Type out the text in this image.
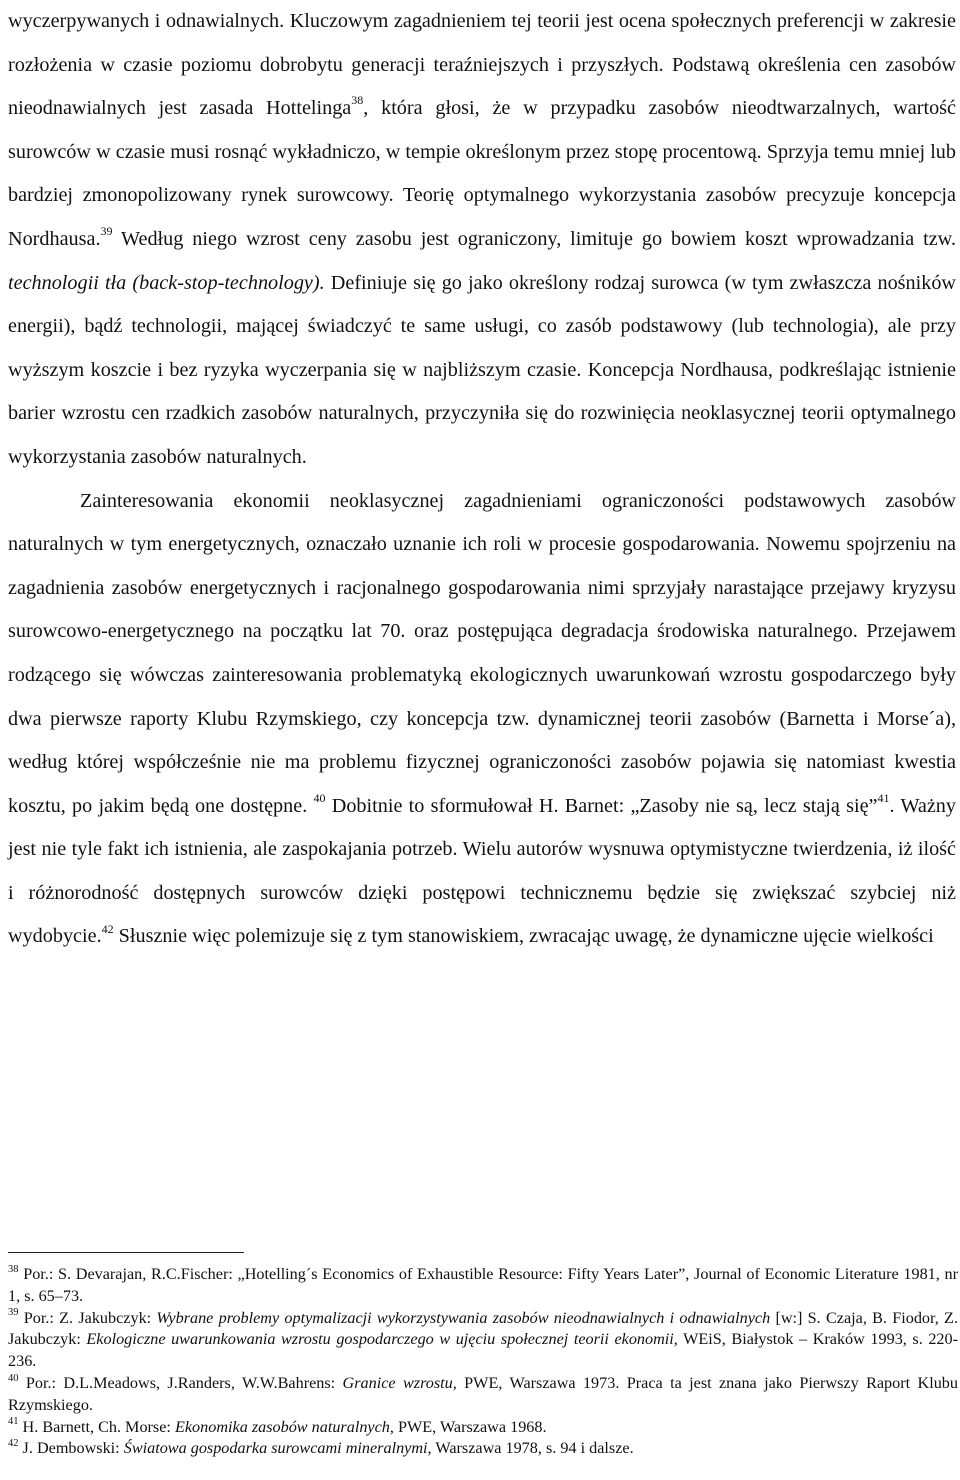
wyczerpywanych i odnawialnych. Kluczowym zagadnieniem tej teorii jest ocena społecznych preferencji w zakresie rozłożenia w czasie poziomu dobrobytu generacji teraźniejszych i przyszłych. Podstawą określenia cen zasobów nieodnawialnych jest zasada Hottelinga$^{38}$, która głosi, że w przypadku zasobów nieodtwarzalnych, wartość surowców w czasie musi rosnąć wykładniczo, w tempie określonym przez stopę procentową. Sprzyja temu mniej lub bardziej zmonopolizowany rynek surowcowy. Teorię optymalnego wykorzystania zasobów precyzuje koncepcja Nordhausa.$^{39}$ Według niego wzrost ceny zasobu jest ograniczony, limituje go bowiem koszt wprowadzania tzw. technologii tła (back-stop-technology). Definiuje się go jako określony rodzaj surowca (w tym zwłaszcza nośników energii), bądź technologii, mającej świadczyć te same usługi, co zasób podstawowy (lub technologia), ale przy wyższym koszcie i bez ryzyka wyczerpania się w najbliższym czasie. Koncepcja Nordhausa, podkreślając istnienie barier wzrostu cen rzadkich zasobów naturalnych, przyczyniła się do rozwinięcia neoklasycznej teorii optymalnego wykorzystania zasobów naturalnych.

Zainteresowania ekonomii neoklasycznej zagadnieniami ograniczoności podstawowych zasobów naturalnych w tym energetycznych, oznaczało uznanie ich roli w procesie gospodarowania. Nowemu spojrzeniu na zagadnienia zasobów energetycznych i racjonalnego gospodarowania nimi sprzyjały narastające przejawy kryzysu surowcowo-energetycznego na początku lat 70. oraz postępująca degradacja środowiska naturalnego. Przejawem rodzącego się wówczas zainteresowania problematyką ekologicznych uwarunkowań wzrostu gospodarczego były dwa pierwsze raporty Klubu Rzymskiego, czy koncepcja tzw. dynamicznej teorii zasobów (Barnetta i Morse´a), według której współcześnie nie ma problemu fizycznej ograniczoności zasobów pojawia się natomiast kwestia kosztu, po jakim będą one dostępne. $^{40}$ Dobitnie to sformułował H. Barnet: „Zasoby nie są, lecz stają się”$^{41}$. Ważny jest nie tyle fakt ich istnienia, ale zaspokajania potrzeb. Wielu autorów wysnuwa optymistyczne twierdzenia, iż ilość i różnorodność dostępnych surowców dzięki postępowi technicznemu będzie się zwiększać szybciej niż wydobycie.$^{42}$ Słusznie więc polemizuje się z tym stanowiskiem, zwracając uwagę, że dynamiczne ujęcie wielkości

$^{38}$ Por.: S. Devarajan, R.C.Fischer: „Hotelling´s Economics of Exhaustible Resource: Fifty Years Later”, Journal of Economic Literature 1981, nr 1, s. 65–73.

$^{39}$ Por.: Z. Jakubczyk: Wybrane problemy optymalizacji wykorzystywania zasobów nieodnawialnych i odnawialnych [w:] S. Czaja, B. Fiodor, Z. Jakubczyk: Ekologiczne uwarunkowania wzrostu gospodarczego w ujęciu społecznej teorii ekonomii, WEiS, Białystok – Kraków 1993, s. 220-236.

$^{40}$ Por.: D.L.Meadows, J.Randers, W.W.Bahrens: Granice wzrostu, PWE, Warszawa 1973. Praca ta jest znana jako Pierwszy Raport Klubu Rzymskiego.

$^{41}$ H. Barnett, Ch. Morse: Ekonomika zasobów naturalnych, PWE, Warszawa 1968.

$^{42}$ J. Dembowski: Światowa gospodarka surowcami mineralnymi, Warszawa 1978, s. 94 i dalsze.
